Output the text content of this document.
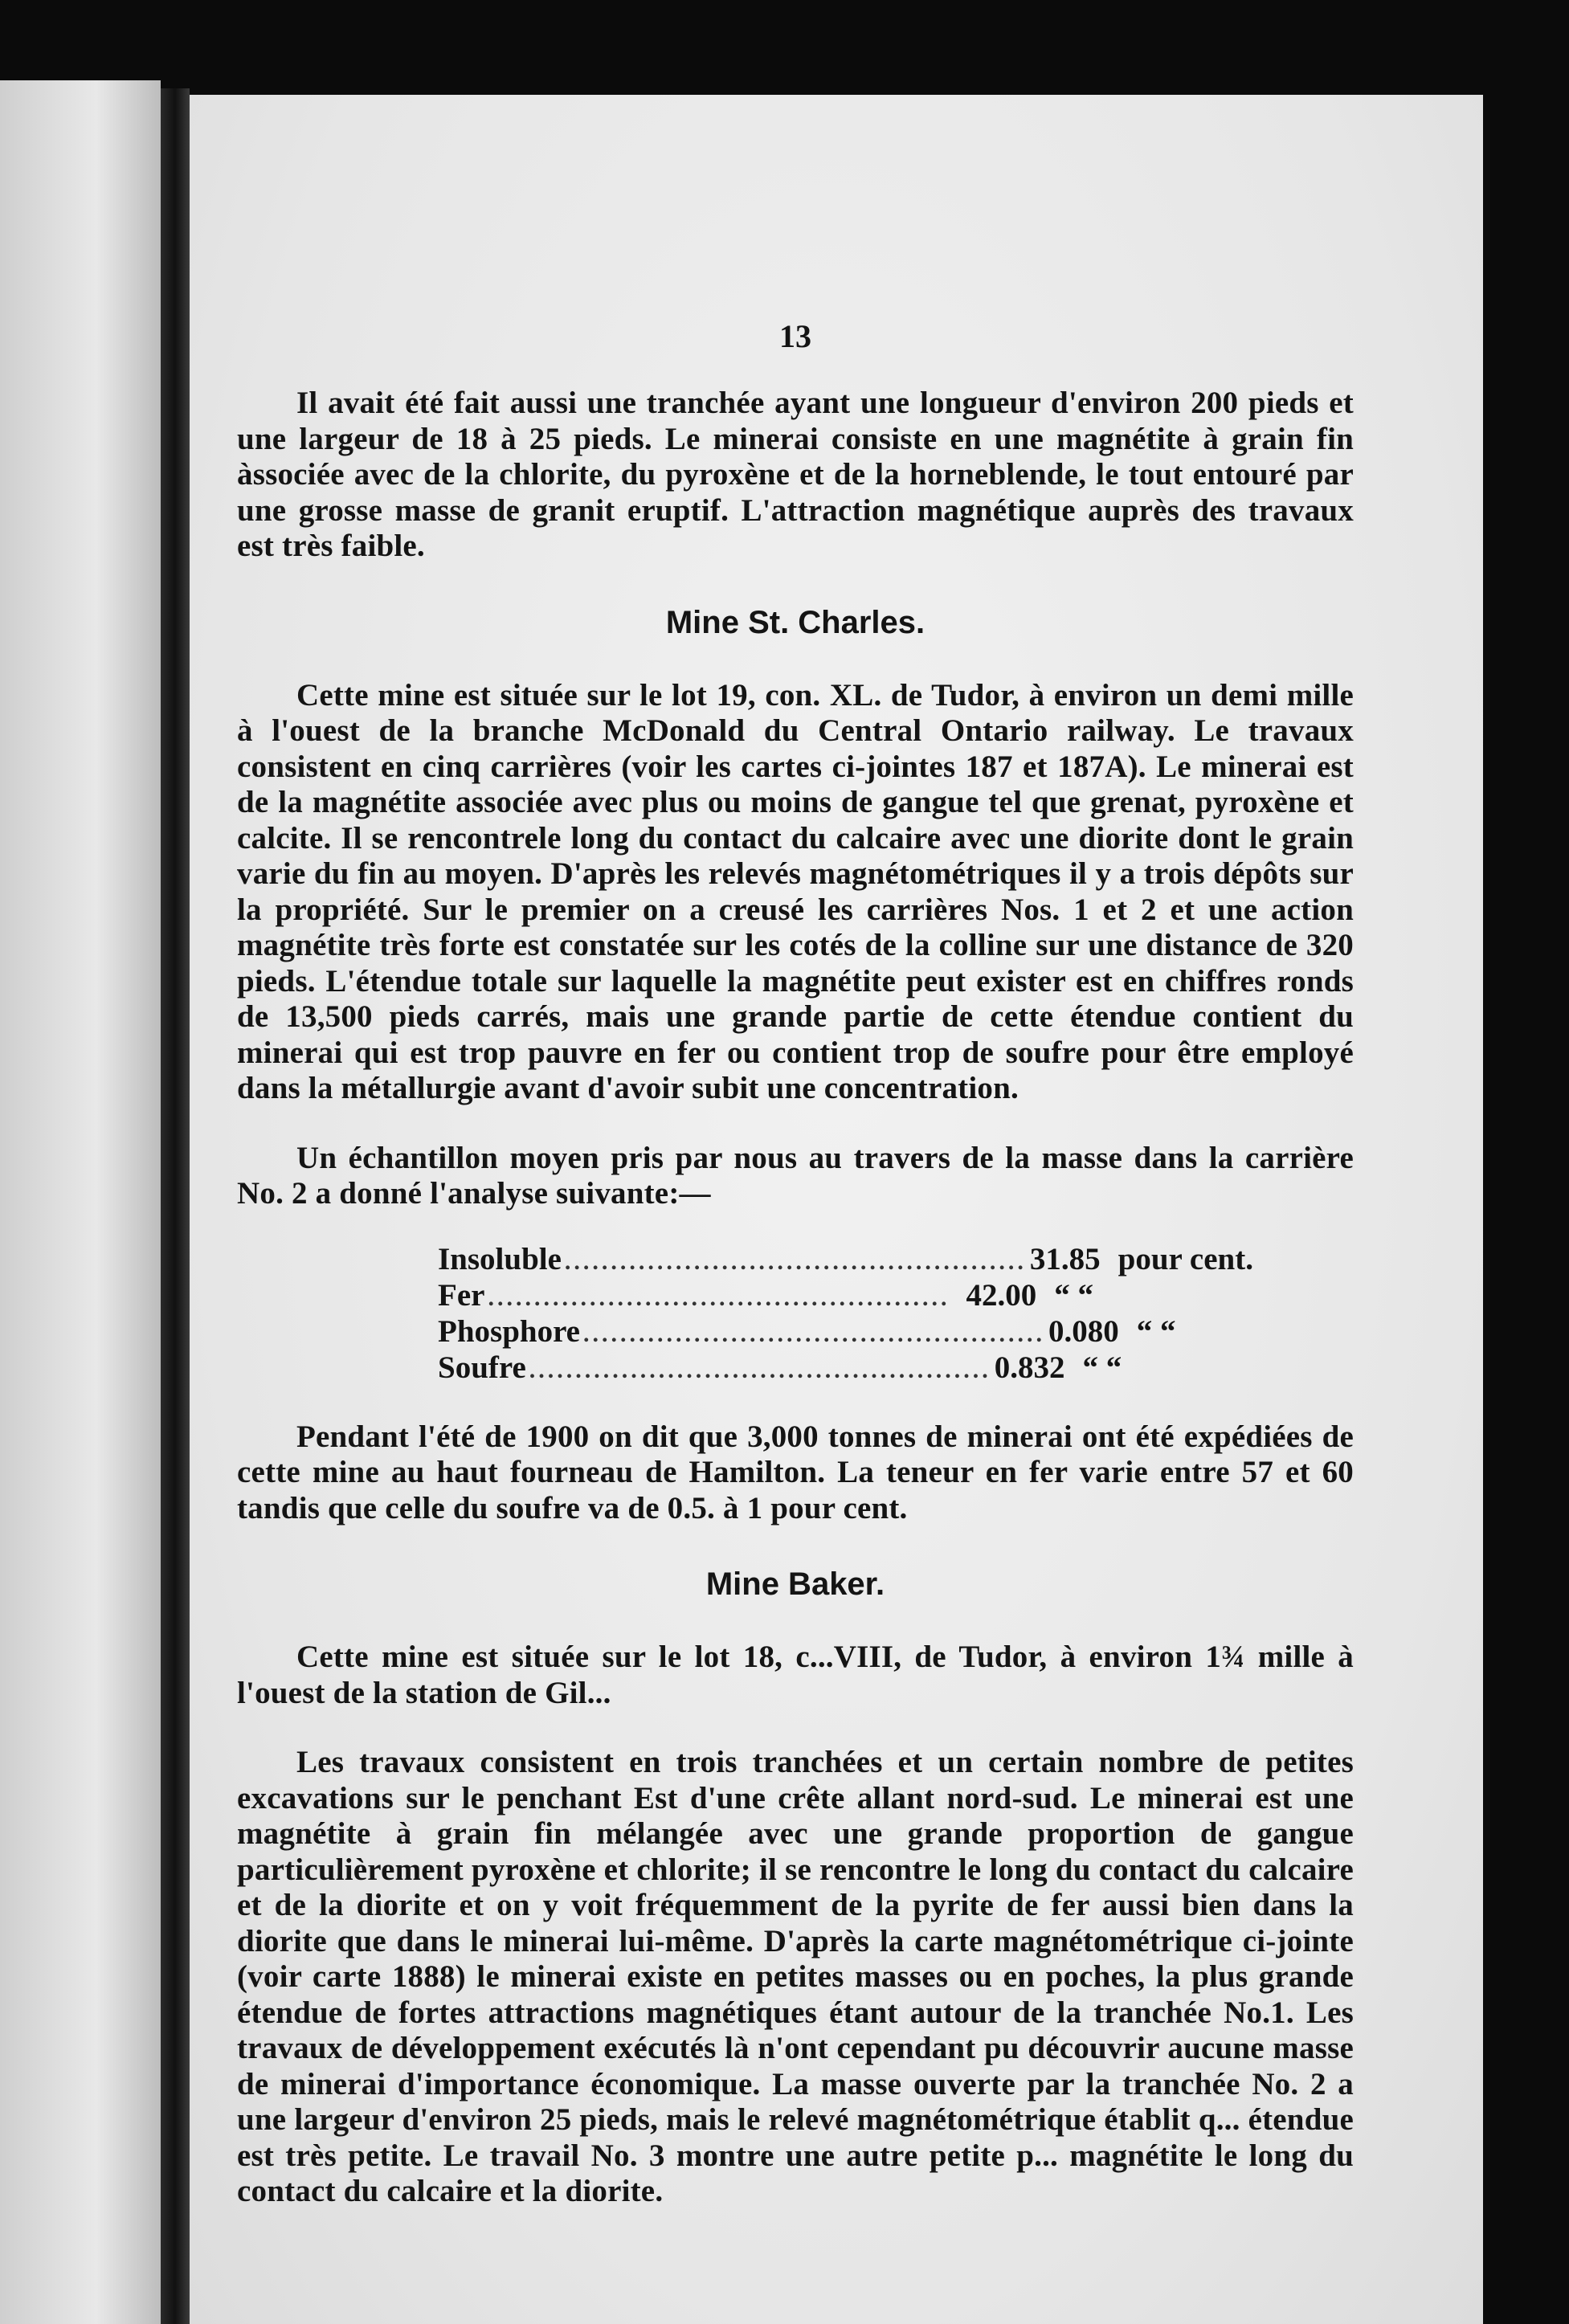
13

Il avait été fait aussi une tranchée ayant une longueur d'environ 200 pieds et une largeur de 18 à 25 pieds. Le minerai consiste en une magnétite à grain fin àssociée avec de la chlorite, du pyroxène et de la horneblende, le tout entouré par une grosse masse de granit eruptif. L'attraction magnétique auprès des travaux est très faible.

Mine St. Charles.

Cette mine est située sur le lot 19, con. XL. de Tudor, à environ un demi mille à l'ouest de la branche McDonald du Central Ontario railway. Le travaux consistent en cinq carrières (voir les cartes ci-jointes 187 et 187A). Le minerai est de la magnétite associée avec plus ou moins de gangue tel que grenat, pyroxène et calcite. Il se rencontrele long du contact du calcaire avec une diorite dont le grain varie du fin au moyen. D'après les relevés magnétométriques il y a trois dépôts sur la propriété. Sur le premier on a creusé les carrières Nos. 1 et 2 et une action magnétite très forte est constatée sur les cotés de la colline sur une distance de 320 pieds. L'étendue totale sur laquelle la magnétite peut exister est en chiffres ronds de 13,500 pieds carrés, mais une grande partie de cette étendue contient du minerai qui est trop pauvre en fer ou contient trop de soufre pour être employé dans la métallurgie avant d'avoir subit une concentration.

Un échantillon moyen pris par nous au travers de la masse dans la carrière No. 2 a donné l'analyse suivante:—

Insoluble .................................................. 31.85 pour cent.
Fer .................................................. 42.00 “ “
Phosphore .................................................. 0.080 “ “
Soufre .................................................. 0.832 “ “

Pendant l'été de 1900 on dit que 3,000 tonnes de minerai ont été expédiées de cette mine au haut fourneau de Hamilton. La teneur en fer varie entre 57 et 60 tandis que celle du soufre va de 0.5. à 1 pour cent.

Mine Baker.

Cette mine est située sur le lot 18, c...VIII, de Tudor, à environ 1¾ mille à l'ouest de la station de Gil...

Les travaux consistent en trois tranchées et un certain nombre de petites excavations sur le penchant Est d'une crête allant nord-sud. Le minerai est une magnétite à grain fin mélangée avec une grande proportion de gangue particulièrement pyroxène et chlorite; il se rencontre le long du contact du calcaire et de la diorite et on y voit fréquemment de la pyrite de fer aussi bien dans la diorite que dans le minerai lui-même. D'après la carte magnétométrique ci-jointe (voir carte 1888) le minerai existe en petites masses ou en poches, la plus grande étendue de fortes attractions magnétiques étant autour de la tranchée No.1. Les travaux de développement exécutés là n'ont cependant pu découvrir aucune masse de minerai d'importance économique. La masse ouverte par la tranchée No. 2 a une largeur d'environ 25 pieds, mais le relevé magnétométrique établit q... étendue est très petite. Le travail No. 3 montre une autre petite p... magnétite le long du contact du calcaire et la diorite.
